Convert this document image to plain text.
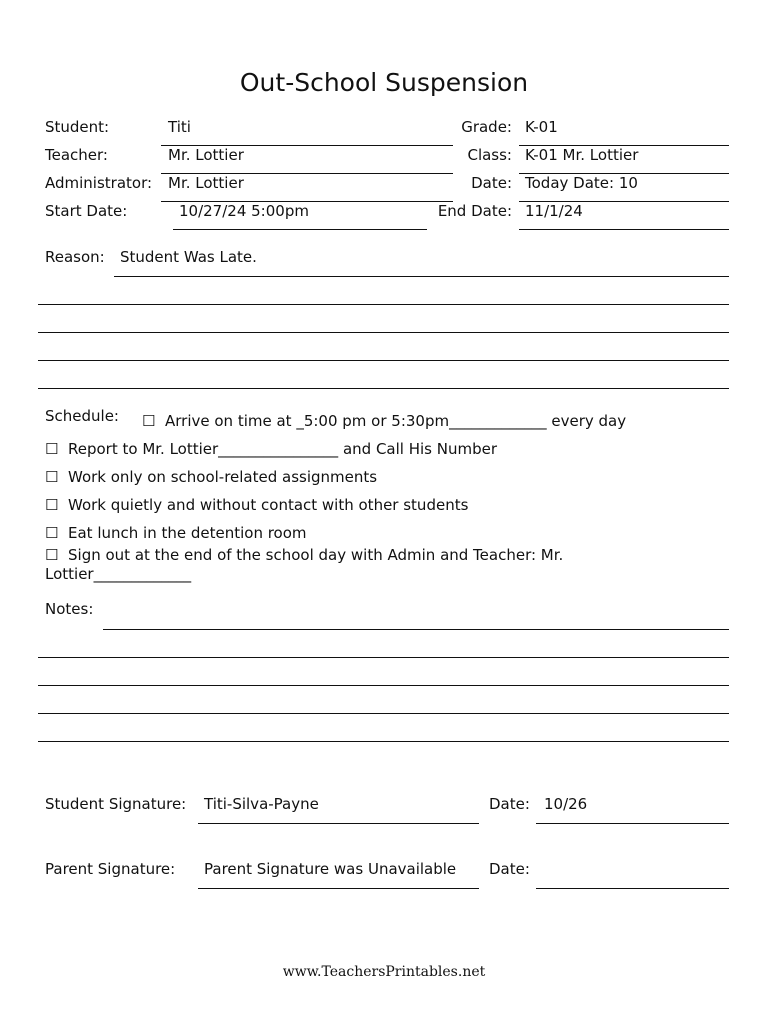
Out-School Suspension
Student:	Titi	Grade: K-01
Teacher:	Mr. Lottier	Class: K-01 Mr. Lottier
Administrator: Mr. Lottier	Date: Today Date: 10
Start Date:	10/27/24 5:00pm	End Date: 11/1/24
Reason: Student Was Late.
Schedule: ☐ Arrive on time at _5:00 pm or 5:30pm_____________ every day
☐ Report to Mr. Lottier________________ and Call His Number
☐ Work only on school-related assignments
☐ Work quietly and without contact with other students
☐ Eat lunch in the detention room
☐ Sign out at the end of the school day with Admin and Teacher: Mr.
Lottier_____________
Notes:
Student Signature: Titi-Silva-Payne	Date: 10/26
Parent Signature: Parent Signature was Unavailable Date:
www.TeachersPrintables.net
